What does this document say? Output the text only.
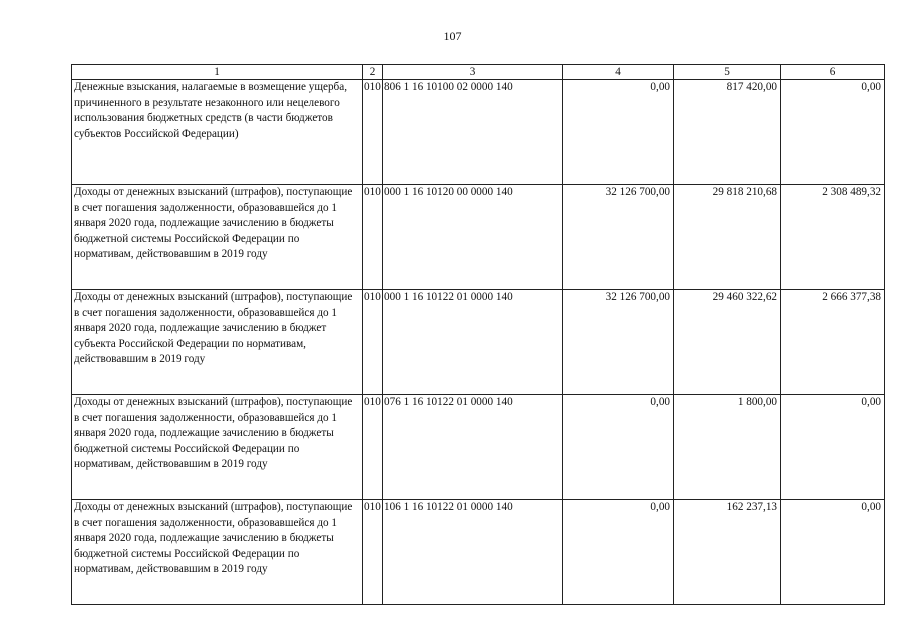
107
1	2	3	4	5	6
Денежные взыскания, налагаемые в возмещение ущерба, причиненного в результате незаконного или нецелевого использования бюджетных средств (в части бюджетов субъектов Российской Федерации)	010	806 1 16 10100 02 0000 140	0,00	817 420,00	0,00
Доходы от денежных взысканий (штрафов), поступающие в счет погашения задолженности, образовавшейся до 1 января 2020 года, подлежащие зачислению в бюджеты бюджетной системы Российской Федерации по нормативам, действовавшим в 2019 году	010	000 1 16 10120 00 0000 140	32 126 700,00	29 818 210,68	2 308 489,32
Доходы от денежных взысканий (штрафов), поступающие в счет погашения задолженности, образовавшейся до 1 января 2020 года, подлежащие зачислению в бюджет субъекта Российской Федерации по нормативам, действовавшим в 2019 году	010	000 1 16 10122 01 0000 140	32 126 700,00	29 460 322,62	2 666 377,38
Доходы от денежных взысканий (штрафов), поступающие в счет погашения задолженности, образовавшейся до 1 января 2020 года, подлежащие зачислению в бюджеты бюджетной системы Российской Федерации по нормативам, действовавшим в 2019 году	010	076 1 16 10122 01 0000 140	0,00	1 800,00	0,00
Доходы от денежных взысканий (штрафов), поступающие в счет погашения задолженности, образовавшейся до 1 января 2020 года, подлежащие зачислению в бюджеты бюджетной системы Российской Федерации по нормативам, действовавшим в 2019 году	010	106 1 16 10122 01 0000 140	0,00	162 237,13	0,00
